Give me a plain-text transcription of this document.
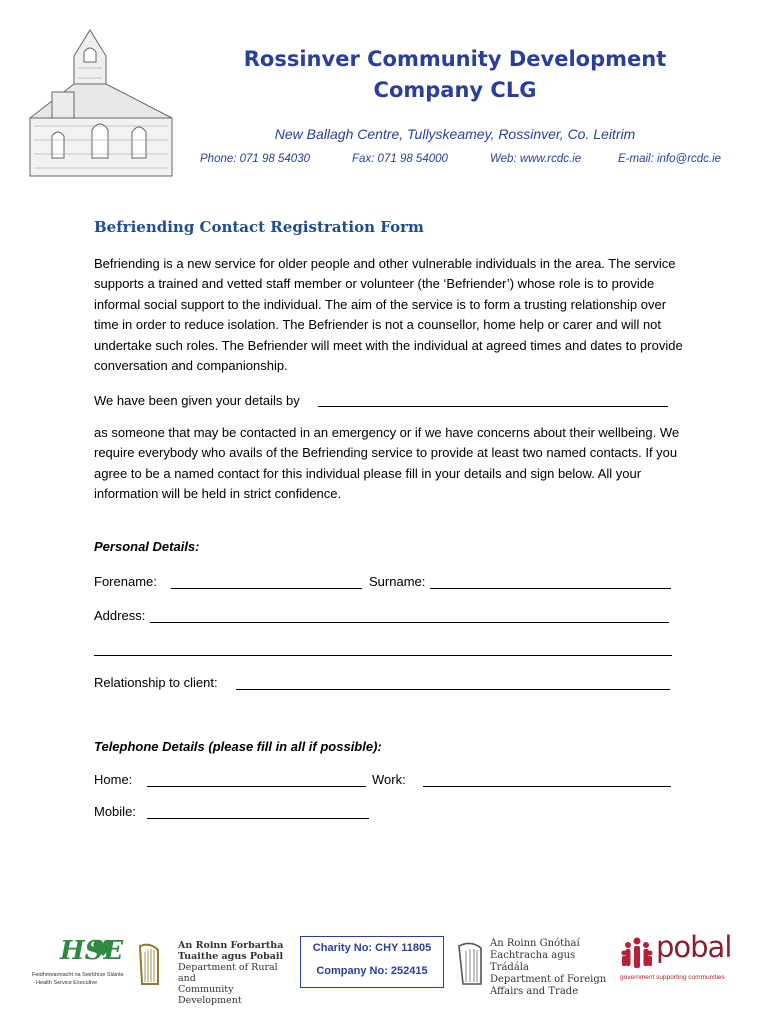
Rossinver Community Development
Company CLG

New Ballagh Centre, Tullyskeamey, Rossinver, Co. Leitrim

Phone: 071 98 54030	Fax: 071 98 54000	Web: www.rcdc.ie	E-mail: info@rcdc.ie

Befriending Contact Registration Form

Befriending is a new service for older people and other vulnerable individuals in the area. The service supports a trained and vetted staff member or volunteer (the ‘Befriender’) whose role is to provide informal social support to the individual. The aim of the service is to form a trusting relationship over time in order to reduce isolation. The Befriender is not a counsellor, home help or carer and will not undertake such roles. The Befriender will meet with the individual at agreed times and dates to provide conversation and companionship.

We have been given your details by

as someone that may be contacted in an emergency or if we have concerns about their wellbeing. We require everybody who avails of the Befriending service to provide at least two named contacts. If you agree to be a named contact for this individual please fill in your details and sign below. All your information will be held in strict confidence.

Personal Details:

Forename:	Surname:
Address:
Relationship to client:

Telephone Details (please fill in all if possible):

Home:	Work:
Mobile:
HSE
Feidhmeannacht na Seirbhíse Sláinte
Health Service Executive
An Roinn Forbartha
Tuaithe agus Pobail
Department of Rural and
Community Development
Charity No: CHY 11805
Company No: 252415
An Roinn Gnóthaí
Eachtracha agus Trádála
Department of Foreign
Affairs and Trade
pobal
government supporting communities
